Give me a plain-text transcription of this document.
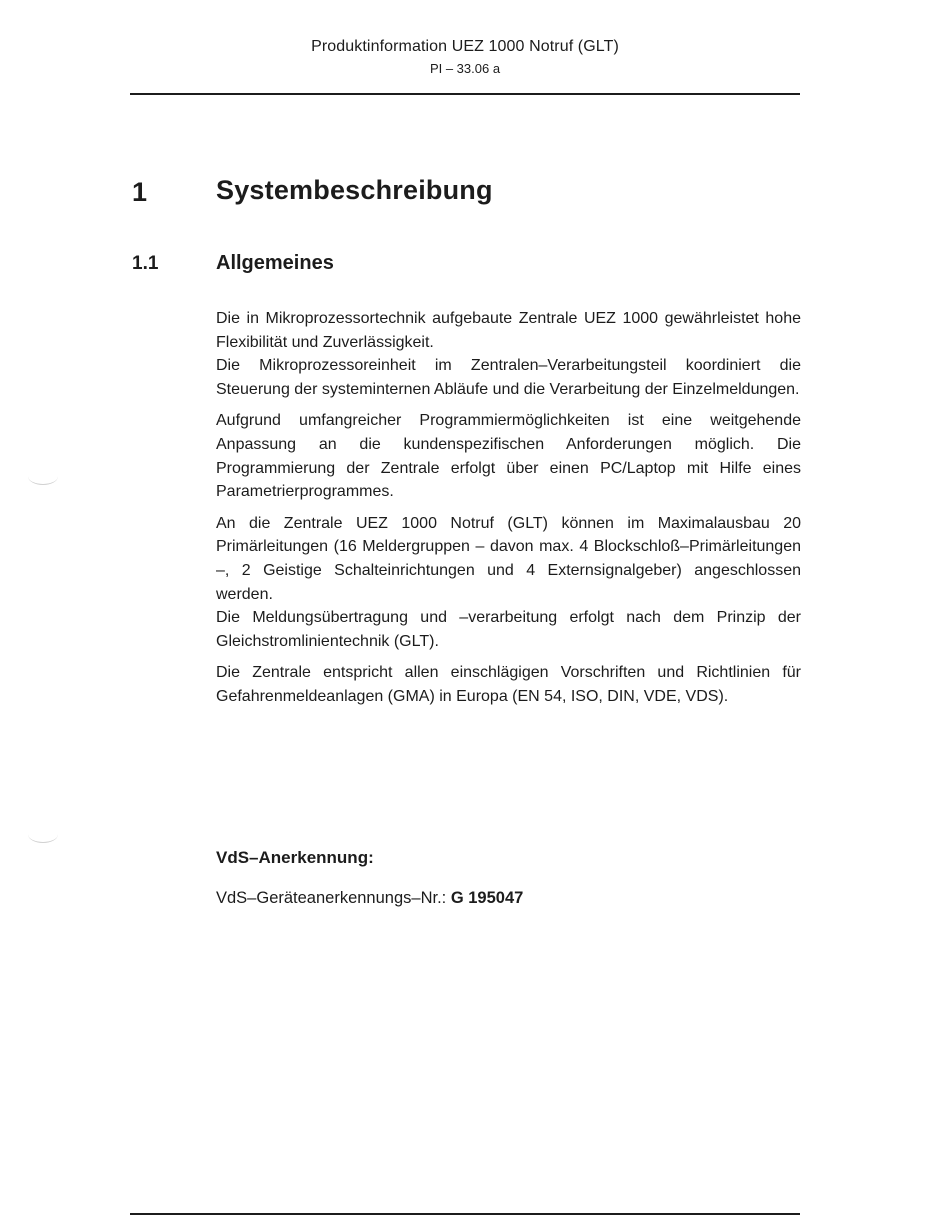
Produktinformation UEZ 1000 Notruf (GLT)
PI – 33.06 a
1	Systembeschreibung
1.1	Allgemeines

Die in Mikroprozessortechnik aufgebaute Zentrale UEZ 1000 gewährleistet hohe Flexibilität und Zuverlässigkeit.

Die Mikroprozessoreinheit im Zentralen–Verarbeitungsteil koordiniert die Steuerung der systeminternen Abläufe und die Verarbeitung der Einzelmeldungen.

Aufgrund umfangreicher Programmiermöglichkeiten ist eine weitgehende Anpassung an die kundenspezifischen Anforderungen möglich. Die Programmierung der Zentrale erfolgt über einen PC/Laptop mit Hilfe eines Parametrierprogrammes.

An die Zentrale UEZ 1000 Notruf (GLT) können im Maximalausbau 20 Primärleitungen (16 Meldergruppen – davon max. 4 Blockschloß–Primärleitungen –, 2 Geistige Schalteinrichtungen und 4 Externsignalgeber) angeschlossen werden.

Die Meldungsübertragung und –verarbeitung erfolgt nach dem Prinzip der Gleichstromlinientechnik (GLT).

Die Zentrale entspricht allen einschlägigen Vorschriften und Richtlinien für Gefahrenmeldeanlagen (GMA) in Europa (EN 54, ISO, DIN, VDE, VDS).

VdS–Anerkennung:
VdS–Geräteanerkennungs–Nr.: G 195047
